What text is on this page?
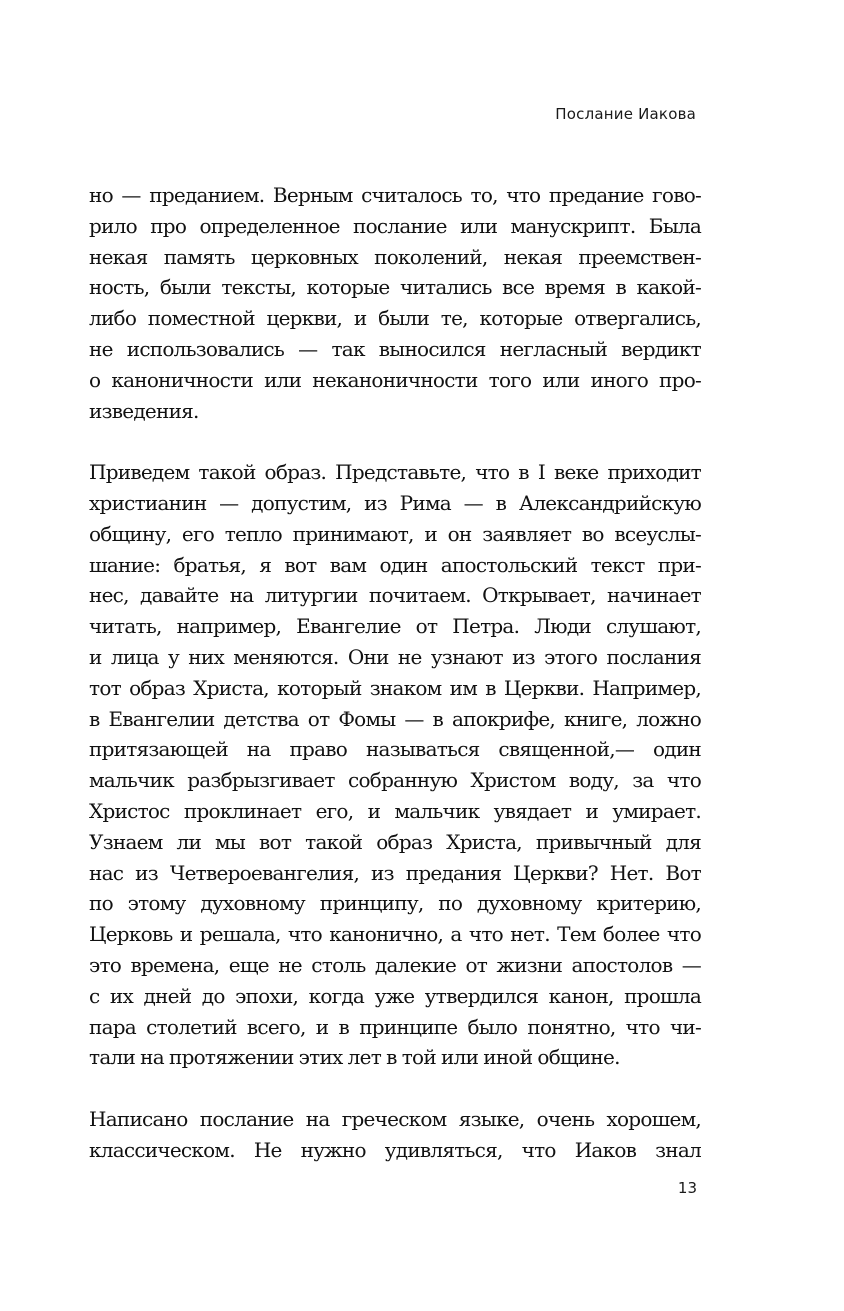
Послание Иакова

но — преданием. Верным считалось то, что предание гово-
рило про определенное послание или манускрипт. Была
некая память церковных поколений, некая преемствен-
ность, были тексты, которые читались все время в какой-
либо поместной церкви, и были те, которые отвергались,
не использовались — так выносился негласный вердикт
о каноничности или неканоничности того или иного про-
изведения.

Приведем такой образ. Представьте, что в I веке приходит
христианин — допустим, из Рима — в Александрийскую
общину, его тепло принимают, и он заявляет во всеуслы-
шание: братья, я вот вам один апостольский текст при-
нес, давайте на литургии почитаем. Открывает, начинает
читать, например, Евангелие от Петра. Люди слушают,
и лица у них меняются. Они не узнают из этого послания
тот образ Христа, который знаком им в Церкви. Например,
в Евангелии детства от Фомы — в апокрифе, книге, ложно
притязающей на право называться священной,— один
мальчик разбрызгивает собранную Христом воду, за что
Христос проклинает его, и мальчик увядает и умирает.
Узнаем ли мы вот такой образ Христа, привычный для
нас из Четвероевангелия, из предания Церкви? Нет. Вот
по этому духовному принципу, по духовному критерию,
Церковь и решала, что канонично, а что нет. Тем более что
это времена, еще не столь далекие от жизни апостолов —
с их дней до эпохи, когда уже утвердился канон, прошла
пара столетий всего, и в принципе было понятно, что чи-
тали на протяжении этих лет в той или иной общине.

Написано послание на греческом языке, очень хорошем,
классическом. Не нужно удивляться, что Иаков знал

13
